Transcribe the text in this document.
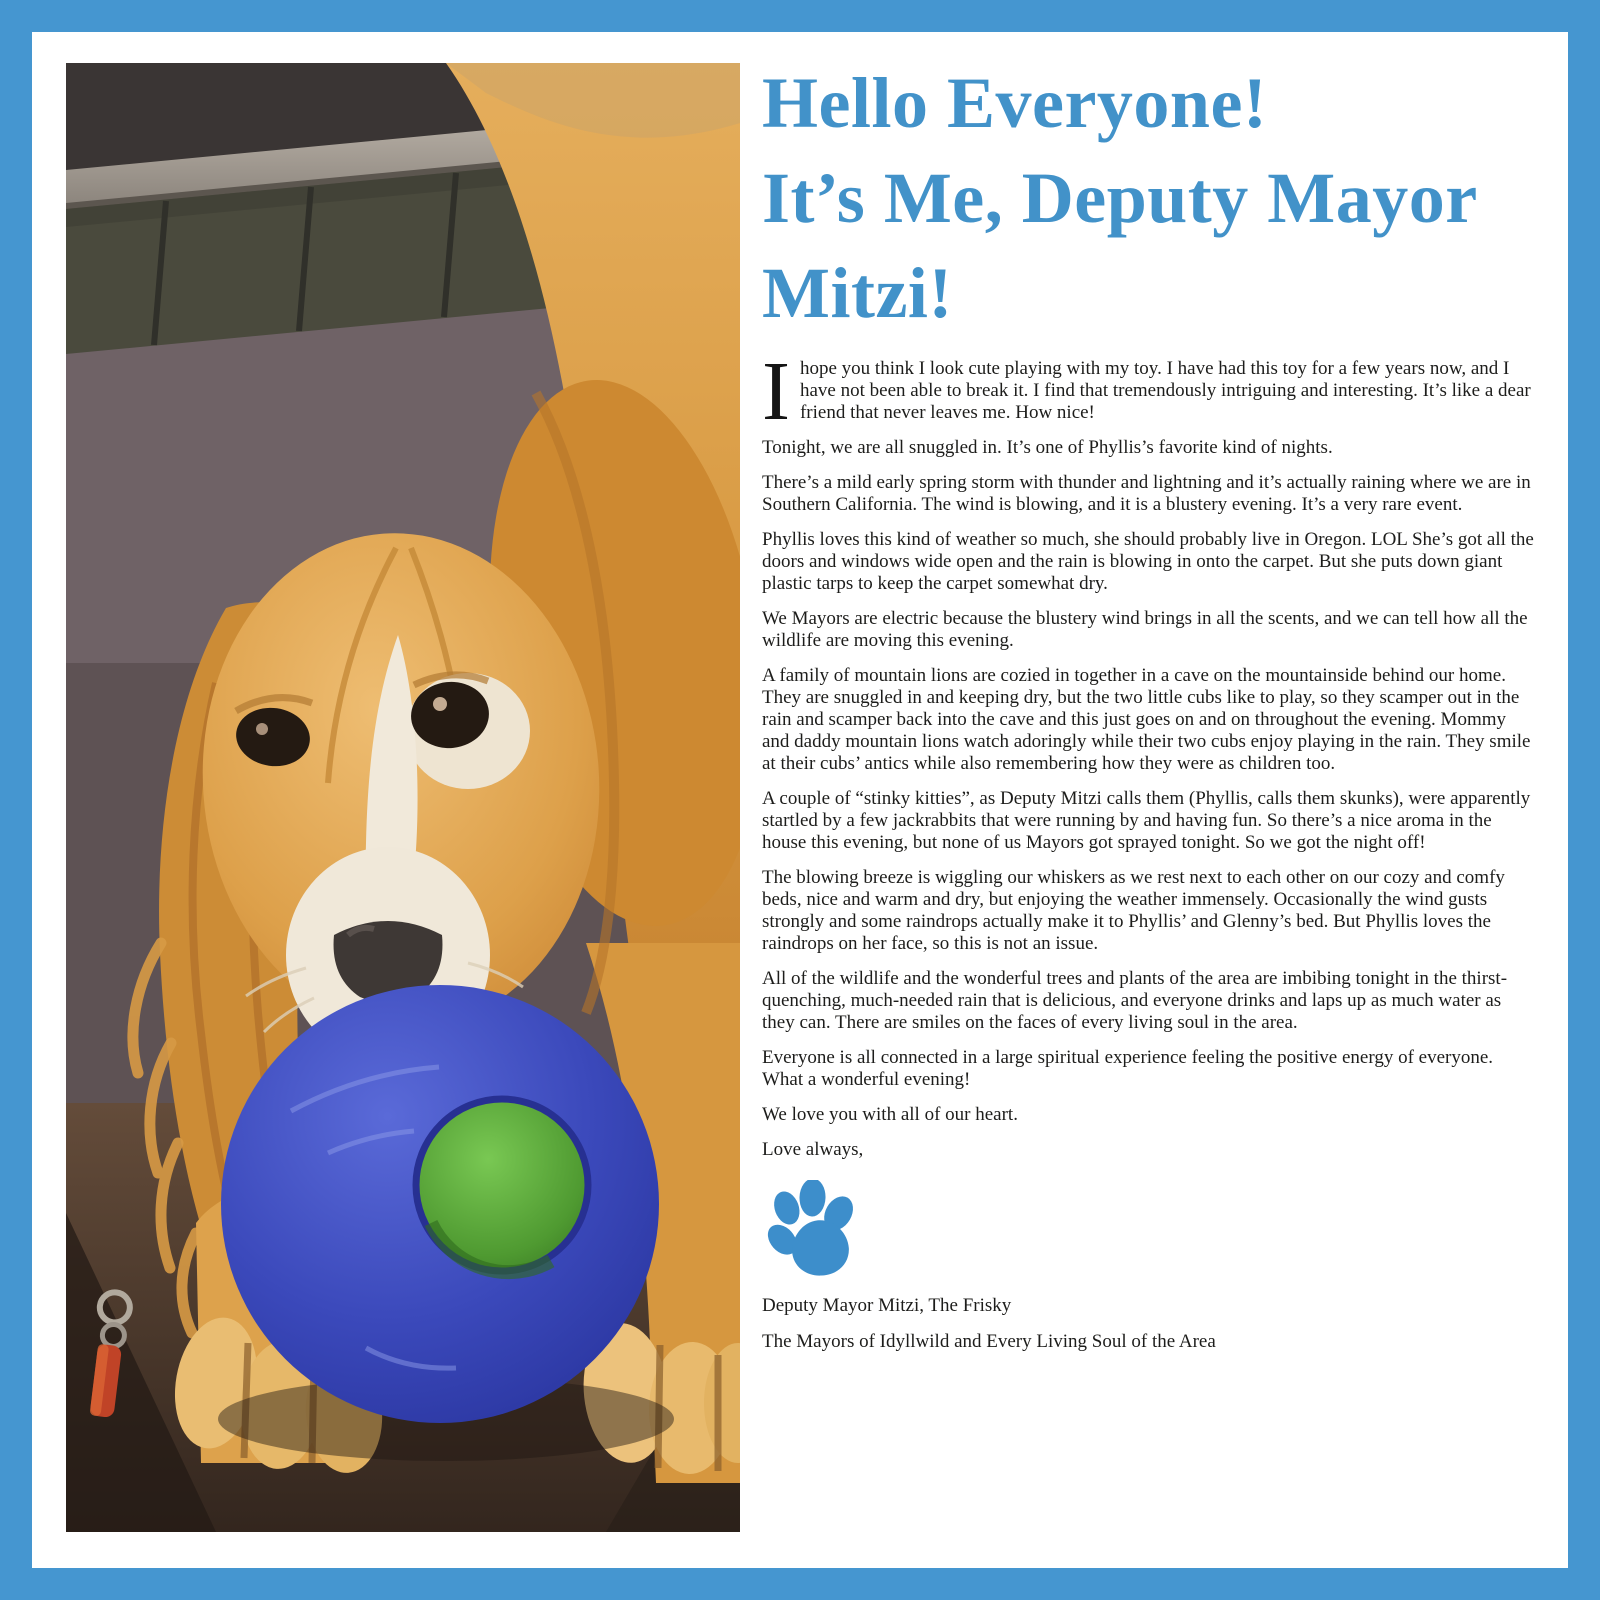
Hello Everyone!
It’s Me, Deputy Mayor Mitzi!

Ihope you think I look cute playing with my toy. I have had this toy for a few years now, and I have not been able to break it. I find that tremendously intriguing and interesting. It’s like a dear friend that never leaves me. How nice!

Tonight, we are all snuggled in. It’s one of Phyllis’s favorite kind of nights.

There’s a mild early spring storm with thunder and lightning and it’s actually raining where we are in Southern California. The wind is blowing, and it is a blustery evening. It’s a very rare event.

Phyllis loves this kind of weather so much, she should probably live in Oregon. LOL She’s got all the doors and windows wide open and the rain is blowing in onto the carpet. But she puts down giant plastic tarps to keep the carpet somewhat dry.

We Mayors are electric because the blustery wind brings in all the scents, and we can tell how all the wildlife are moving this evening.

A family of mountain lions are cozied in together in a cave on the mountainside behind our home. They are snuggled in and keeping dry, but the two little cubs like to play, so they scamper out in the rain and scamper back into the cave and this just goes on and on throughout the evening. Mommy and daddy mountain lions watch adoringly while their two cubs enjoy playing in the rain. They smile at their cubs’ antics while also remembering how they were as children too.

A couple of “stinky kitties”, as Deputy Mitzi calls them (Phyllis, calls them skunks), were apparently startled by a few jackrabbits that were running by and having fun. So there’s a nice aroma in the house this evening, but none of us Mayors got sprayed tonight. So we got the night off!

The blowing breeze is wiggling our whiskers as we rest next to each other on our cozy and comfy beds, nice and warm and dry, but enjoying the weather immensely. Occasionally the wind gusts strongly and some raindrops actually make it to Phyllis’ and Glenny’s bed. But Phyllis loves the raindrops on her face, so this is not an issue.

All of the wildlife and the wonderful trees and plants of the area are imbibing tonight in the thirst-quenching, much-needed rain that is delicious, and everyone drinks and laps up as much water as they can. There are smiles on the faces of every living soul in the area.

Everyone is all connected in a large spiritual experience feeling the positive energy of everyone. What a wonderful evening!

We love you with all of our heart.

Love always,

Deputy Mayor Mitzi, The Frisky

The Mayors of Idyllwild and Every Living Soul of the Area
